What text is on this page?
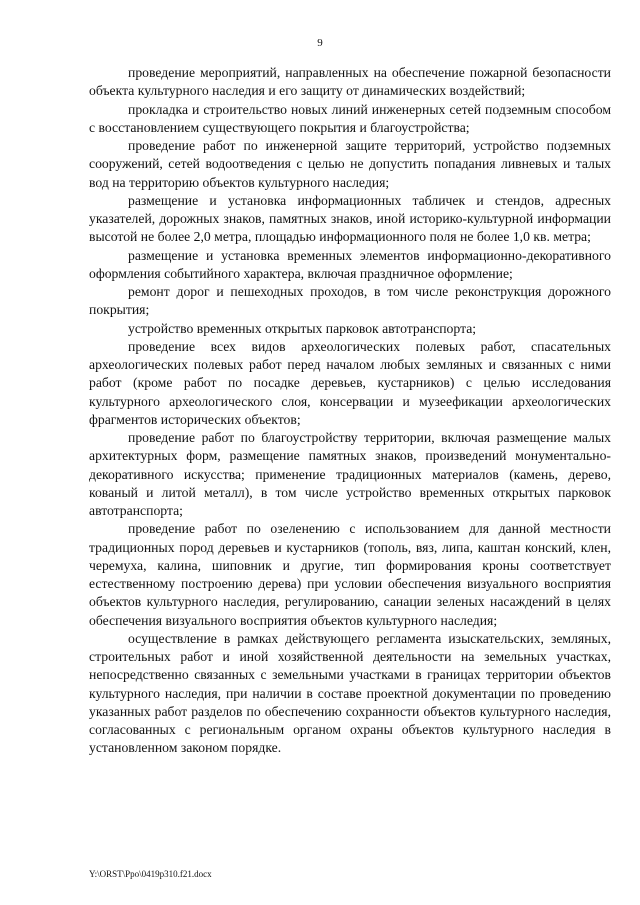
9

проведение мероприятий, направленных на обеспечение пожарной безопасности объекта культурного наследия и его защиту от динамических воздействий;

прокладка и строительство новых линий инженерных сетей подземным способом с восстановлением существующего покрытия и благоустройства;

проведение работ по инженерной защите территорий, устройство подземных сооружений, сетей водоотведения с целью не допустить попадания ливневых и талых вод на территорию объектов культурного наследия;

размещение и установка информационных табличек и стендов, адресных указателей, дорожных знаков, памятных знаков, иной историко-культурной информации высотой не более 2,0 метра, площадью информационного поля не более 1,0 кв. метра;

размещение и установка временных элементов информационно-декоративного оформления событийного характера, включая праздничное оформление;

ремонт дорог и пешеходных проходов, в том числе реконструкция дорожного покрытия;

устройство временных открытых парковок автотранспорта;

проведение всех видов археологических полевых работ, спасательных археологических полевых работ перед началом любых земляных и связанных с ними работ (кроме работ по посадке деревьев, кустарников) с целью исследования культурного археологического слоя, консервации и музеефикации археологических фрагментов исторических объектов;

проведение работ по благоустройству территории, включая размещение малых архитектурных форм, размещение памятных знаков, произведений монументально-декоративного искусства; применение традиционных материалов (камень, дерево, кованый и литой металл), в том числе устройство временных открытых парковок автотранспорта;

проведение работ по озеленению с использованием для данной местности традиционных пород деревьев и кустарников (тополь, вяз, липа, каштан конский, клен, черемуха, калина, шиповник и другие, тип формирования кроны соответствует естественному построению дерева) при условии обеспечения визуального восприятия объектов культурного наследия, регулированию, санации зеленых насаждений в целях обеспечения визуального восприятия объектов культурного наследия;

осуществление в рамках действующего регламента изыскательских, земляных, строительных работ и иной хозяйственной деятельности на земельных участках, непосредственно связанных с земельными участками в границах территории объектов культурного наследия, при наличии в составе проектной документации по проведению указанных работ разделов по обеспечению сохранности объектов культурного наследия, согласованных с региональным органом охраны объектов культурного наследия в установленном законом порядке.

Y:\ORST\Ppo\0419p310.f21.docx
